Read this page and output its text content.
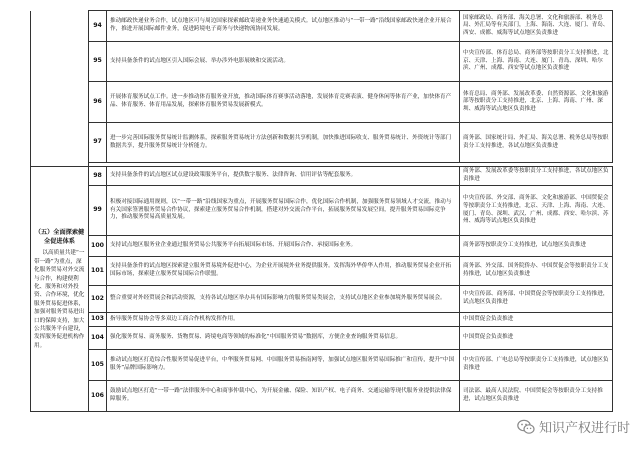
	94	推动邮政快递业务合作，试点地区可与周边国家探索邮政寄递业务快速通关模式。试点地区推动与“一带一路”沿线国家邮政快递企业开展合作，推进开展国际邮件业务，促进跨境电子商务与快递物流协同发展。	国家邮政局、商务部、海关总署、文化和旅游部、税务总局、外汇局等有关部门，上海、海南、大连、厦门、青岛、西安、成都、威海等试点地区负责推进
	95	支持具备条件的试点地区引入国际会展、举办涉外电影展映和交流活动。	中央宣传部、体育总局、商务部等按职责分工支持推进，北京、天津、上海、海南、大连、厦门、青岛、深圳、哈尔滨、广州、成都、西安等试点地区负责推进
	96	开展体育服务试点工作。进一步推动体育服务业开放，推动国际体育赛事活动落地，发展体育竞赛表演、健身休闲等体育产业，加快体育产品、体育服务、体育用品发展，探索体育服务贸易发展新模式。	体育总局、商务部、发展改革委、自然资源部、文化和旅游部等按职责分工支持推进，北京、上海、海南、广州、深圳、威海等试点地区负责推进
	97	进一步完善国际服务贸易统计监测体系，探索服务贸易统计方法创新和数据共享机制，加快推进国际收支、服务贸易统计、外资统计等部门数据共享，提升服务贸易统计分析能力。	商务部、国家统计局、外汇局、海关总署、税务总局等按职责分工支持推进，各试点地区负责推进

（五）全面探索健全促进体系
以高质量共建“一带一路”为重点，深化服务贸易对外交流与合作，构建便利化、服务和对外投资、合作环境，优化服务贸易促进体系，加强对服务贸易进出口的保障支持，加大公共服务平台建设，发挥服务促进机构作用。	98	支持具备条件的试点地区试点建设政策服务平台，提供数字服务、法律咨询、信用评估等配套服务。	商务部、发展改革委等按职责分工支持推进，各试点地区负责推进
	99	积极对接国际通用规则，以“一带一路”沿线国家为重点，开展服务贸易国际合作，优化国际合作机制，加强服务贸易领域人才交流，推动与有关国家签署服务贸易合作协议，探索建立服务贸易合作机制，搭建对外交流合作平台，拓展服务贸易发展空间，提升服务贸易国际竞争力，推动服务贸易高质量发展。	中央宣传部、外交部、商务部、文化和旅游部、中国贸促会等按职责分工支持推进，北京、天津、上海、海南、大连、厦门、青岛、深圳、武汉、广州、成都、西安、哈尔滨、苏州、威海等试点地区负责推进
	100	支持试点地区服务业企业通过服务贸易公共服务平台拓展国际市场、开展国际合作、承接国际业务。	商务部等按职责分工支持推进，试点地区负责推进
	101	支持具备条件的试点地区探索建立服务贸易境外促进中心，为企业开展境外业务提供服务。发挥海外华侨华人作用，推动服务贸易企业开拓国际市场，探索建立服务贸易国际合作联盟。	商务部、外交部、国务院侨办、中国贸促会等按职责分工支持推进，试点地区负责推进
	102	整合重要对外经贸展会和活动资源，支持各试点地区举办具有国际影响力的服务贸易类展会，支持试点地区企业参加境外服务贸易展会。	中央宣传部、商务部、中国贸促会等按职责分工支持推进，试点地区负责推进
	103	指导服务贸易协会等多双边工商合作机构发挥作用。	中国贸促会负责推进
	104	强化服务贸易、商务服务、货物贸易、跨境电商等领域的标准化“中国服务贸易”数据库，方便企业查询服务贸易信息。	中国贸促会负责推进
	105	推动试点地区打造综合性服务贸易促进平台，中华服务贸易网、中国服务贸易指南网等，加强试点地区服务贸易国际推广和宣传，提升“中国服务”品牌国际影响力。	中央宣传部、广电总局等按职责分工支持推进，试点地区负责推进
	106	鼓励试点地区打造“一带一路”法律服务中心和商事仲裁中心，为开展金融、保险、知识产权、电子商务、交通运输等现代服务业提供法律保障服务。	司法部、最高人民法院、中国贸促会等按职责分工支持推进，试点地区负责推进
知识产权进行时
